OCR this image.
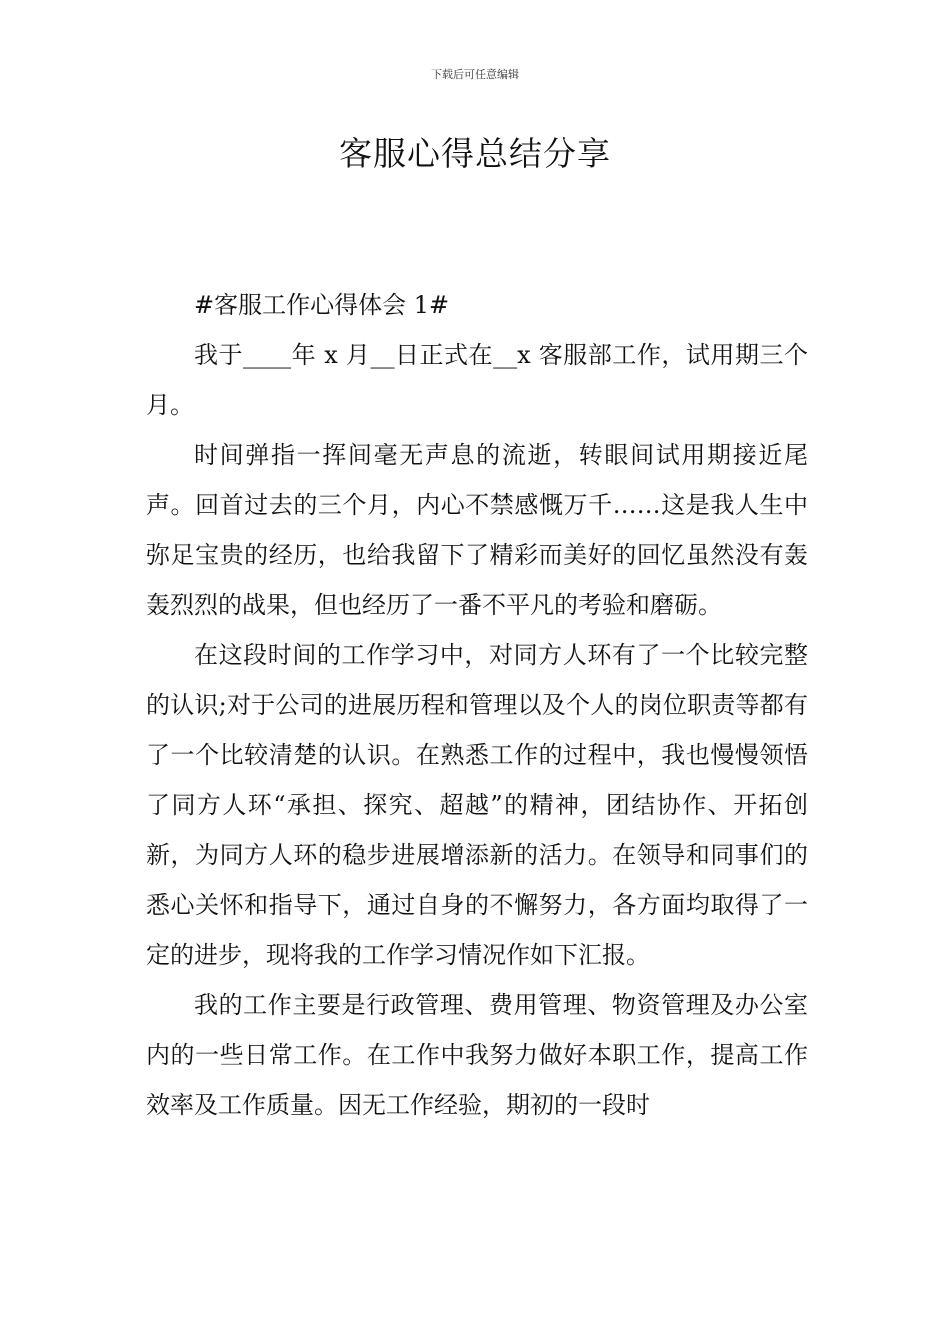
下载后可任意编辑
客服心得总结分享

#客服工作心得体会 1#

我于____年 x 月__日正式在__x 客服部工作，试用期三个月。

时间弹指一挥间毫无声息的流逝，转眼间试用期接近尾声。回首过去的三个月，内心不禁感慨万千……这是我人生中弥足宝贵的经历，也给我留下了精彩而美好的回忆虽然没有轰轰烈烈的战果，但也经历了一番不平凡的考验和磨砺。

在这段时间的工作学习中，对同方人环有了一个比较完整的认识;对于公司的进展历程和管理以及个人的岗位职责等都有了一个比较清楚的认识。在熟悉工作的过程中，我也慢慢领悟了同方人环“承担、探究、超越”的精神，团结协作、开拓创新，为同方人环的稳步进展增添新的活力。在领导和同事们的悉心关怀和指导下，通过自身的不懈努力，各方面均取得了一定的进步，现将我的工作学习情况作如下汇报。

我的工作主要是行政管理、费用管理、物资管理及办公室内的一些日常工作。在工作中我努力做好本职工作，提高工作效率及工作质量。因无工作经验，期初的一段时
